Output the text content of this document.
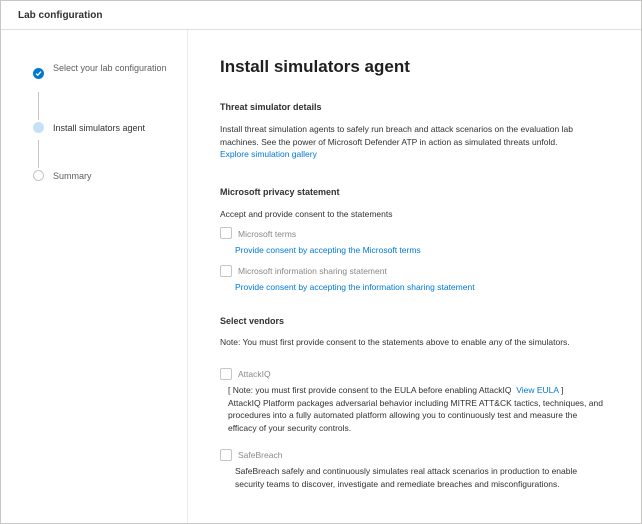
Lab configuration
Select your lab configuration
Install simulators agent
Summary
Install simulators agent
Threat simulator details
Install threat simulation agents to safely run breach and attack scenarios on the evaluation lab machines. See the power of Microsoft Defender ATP in action as simulated threats unfold.
Explore simulation gallery
Microsoft privacy statement
Accept and provide consent to the statements
Microsoft terms
Provide consent by accepting the Microsoft terms
Microsoft information sharing statement
Provide consent by accepting the information sharing statement
Select vendors
Note: You must first provide consent to the statements above to enable any of the simulators.
AttackIQ
[ Note: you must first provide consent to the EULA before enabling AttackIQ View EULA ]
AttackIQ Platform packages adversarial behavior including MITRE ATT&CK tactics, techniques, and procedures into a fully automated platform allowing you to continuously test and measure the efficacy of your security controls.
SafeBreach
SafeBreach safely and continuously simulates real attack scenarios in production to enable security teams to discover, investigate and remediate breaches and misconfigurations.
